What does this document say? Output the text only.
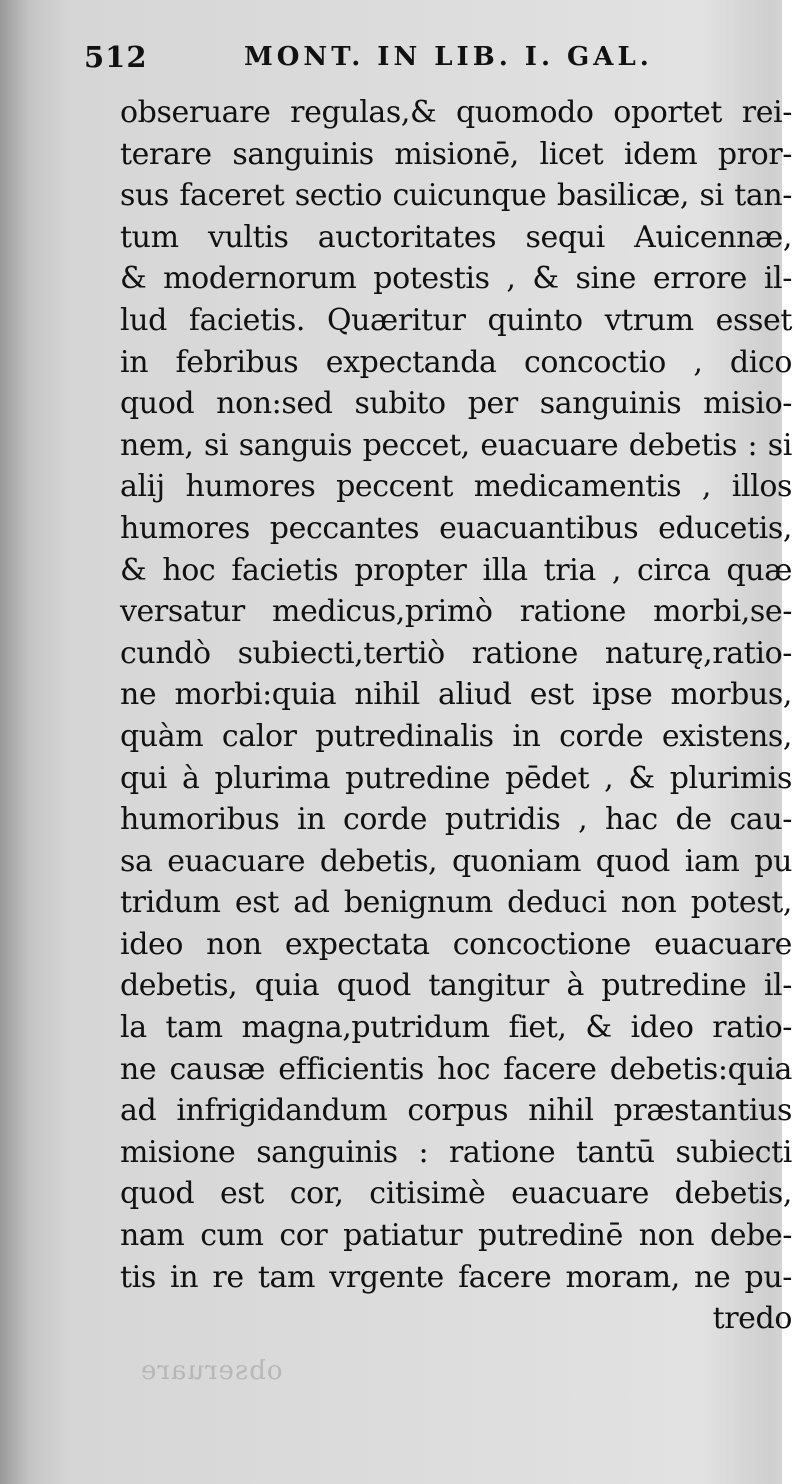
obseruare
512	MONT. IN LIB. I. GAL.
obseruare regulas,& quomodo oportet rei-
terare sanguinis misionē, licet idem pror-
sus faceret sectio cuicunque basilicæ, si tan-
tum vultis auctoritates sequi Auicennæ,
& modernorum potestis , & sine errore il-
lud facietis. Quæritur quinto vtrum esset
in febribus expectanda concoctio , dico
quod non:sed subito per sanguinis misio-
nem, si sanguis peccet, euacuare debetis : si
alij humores peccent medicamentis , illos
humores peccantes euacuantibus educetis,
& hoc facietis propter illa tria , circa quæ
versatur medicus,primò ratione morbi,se-
cundò subiecti,tertiò ratione naturę,ratio-
ne morbi:quia nihil aliud est ipse morbus,
quàm calor putredinalis in corde existens,
qui à plurima putredine pēdet , & plurimis
humoribus in corde putridis , hac de cau-
sa euacuare debetis, quoniam quod iam pu
tridum est ad benignum deduci non potest,
ideo non expectata concoctione euacuare
debetis, quia quod tangitur à putredine il-
la tam magna,putridum fiet, & ideo ratio-
ne causæ efficientis hoc facere debetis:quia
ad infrigidandum corpus nihil præstantius
misione sanguinis : ratione tantū subiecti
quod est cor, citisimè euacuare debetis,
nam cum cor patiatur putredinē non debe-
tis in re tam vrgente facere moram, ne pu-
tredo
